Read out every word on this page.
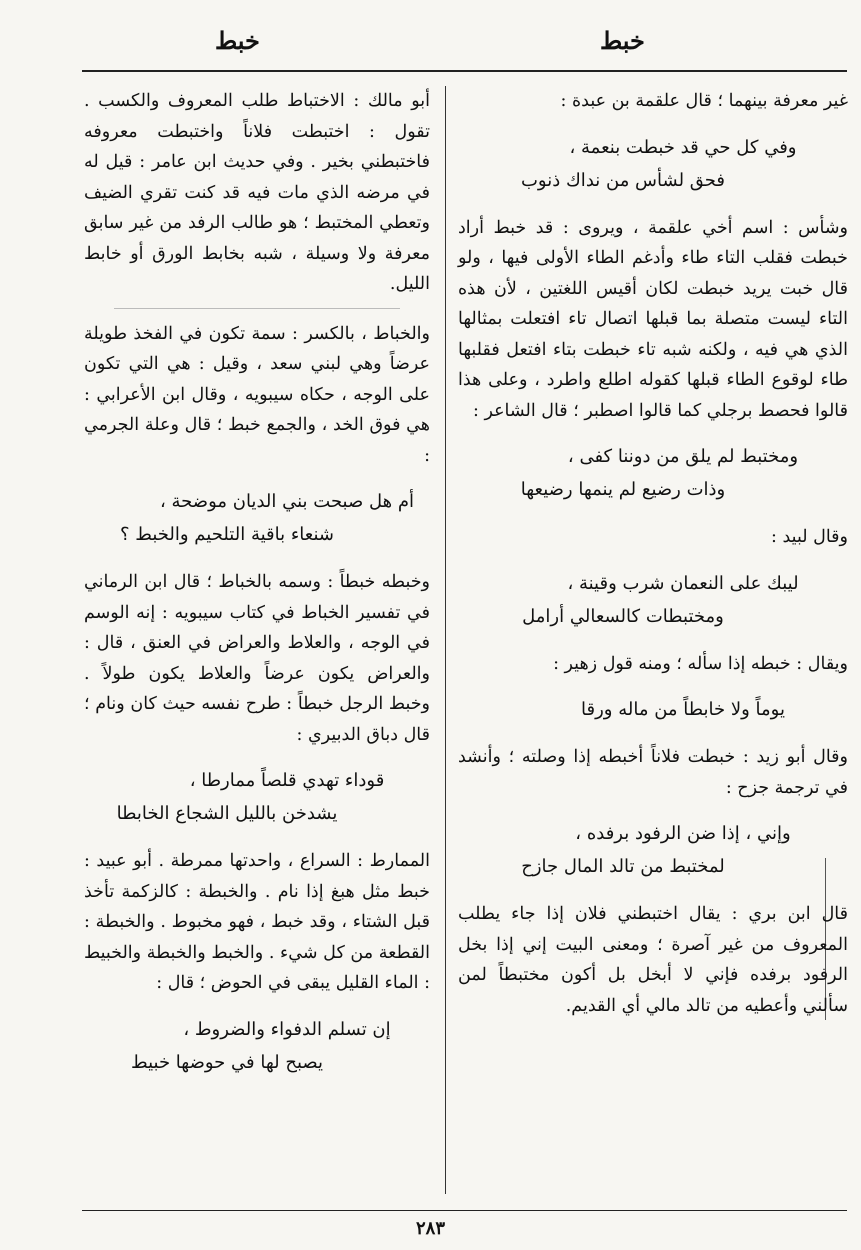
خبط
خبط

غير معرفة بينهما ؛ قال علقمة بن عبدة :

وفي كل حي قد خبطت بنعمة ،
فحق لشأس من نداك ذنوب

وشأس : اسم أخي علقمة ، ويروى : قد خبط أراد خبطت فقلب التاء طاء وأدغم الطاء الأولى فيها ، ولو قال خبت يريد خبطت لكان أقيس اللغتين ، لأن هذه التاء ليست متصلة بما قبلها اتصال تاء افتعلت بمثالها الذي هي فيه ، ولكنه شبه تاء خبطت بتاء افتعل فقلبها طاء لوقوع الطاء قبلها كقوله اطلع واطرد ، وعلى هذا قالوا فحصط برجلي كما قالوا اصطبر ؛ قال الشاعر :

ومختبط لم يلق من دوننا كفى ،
وذات رضيع لم ينمها رضيعها

وقال لبيد :

ليبك على النعمان شرب وقينة ،
ومختبطات كالسعالي أرامل

ويقال : خبطه إذا سأله ؛ ومنه قول زهير :

يوماً ولا خابطاً من ماله ورقا

وقال أبو زيد : خبطت فلاناً أخبطه إذا وصلته ؛ وأنشد في ترجمة جزح :

وإني ، إذا ضن الرفود برفده ،
لمختبط من تالد المال جازح

قال ابن بري : يقال اختبطني فلان إذا جاء يطلب المعروف من غير آصرة ؛ ومعنى البيت إني إذا بخل الرفود برفده فإني لا أبخل بل أكون مختبطاً لمن سألني وأعطيه من تالد مالي أي القديم.

أبو مالك : الاختباط طلب المعروف والكسب . تقول : اختبطت فلاناً واختبطت معروفه فاختبطني بخير . وفي حديث ابن عامر : قيل له في مرضه الذي مات فيه قد كنت تقري الضيف وتعطي المختبط ؛ هو طالب الرفد من غير سابق معرفة ولا وسيلة ، شبه بخابط الورق أو خابط الليل.

والخباط ، بالكسر : سمة تكون في الفخذ طويلة عرضاً وهي لبني سعد ، وقيل : هي التي تكون على الوجه ، حكاه سيبويه ، وقال ابن الأعرابي : هي فوق الخد ، والجمع خبط ؛ قال وعلة الجرمي :

أم هل صبحت بني الديان موضحة ،
شنعاء باقية التلحيم والخبط ؟

وخبطه خبطاً : وسمه بالخباط ؛ قال ابن الرماني في تفسير الخباط في كتاب سيبويه : إنه الوسم في الوجه ، والعلاط والعراض في العنق ، قال : والعراض يكون عرضاً والعلاط يكون طولاً . وخبط الرجل خبطاً : طرح نفسه حيث كان ونام ؛ قال دباق الدبيري :

قوداء تهدي قلصاً ممارطا ،
يشدخن بالليل الشجاع الخابطا

الممارط : السراع ، واحدتها ممرطة . أبو عبيد : خبط مثل هبغ إذا نام . والخبطة : كالزكمة تأخذ قبل الشتاء ، وقد خبط ، فهو مخبوط . والخبطة : القطعة من كل شيء . والخبط والخبطة والخبيط : الماء القليل يبقى في الحوض ؛ قال :

إن تسلم الدفواء والضروط ،
يصبح لها في حوضها خبيط
٢٨٣
